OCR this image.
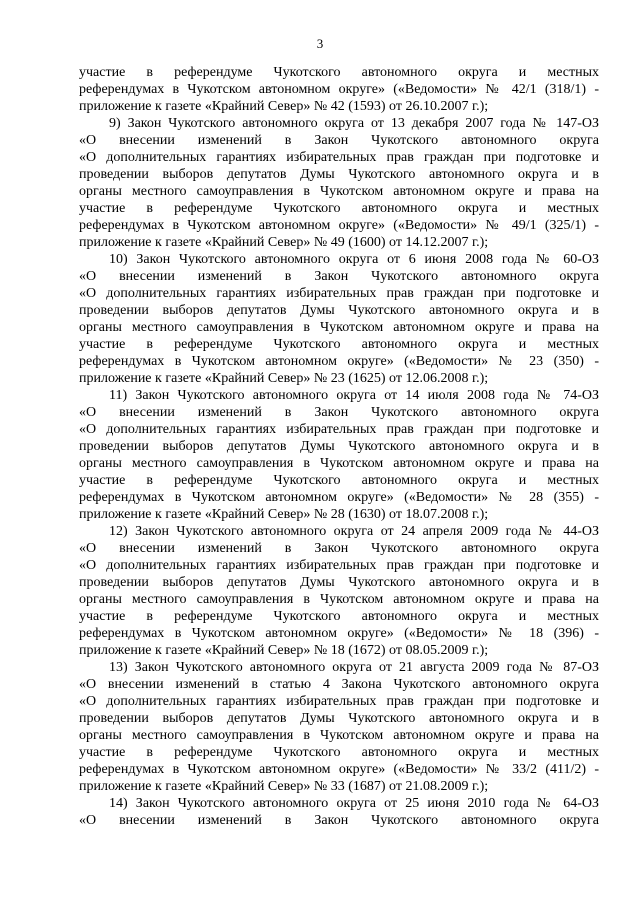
3
участие в референдуме Чукотского автономного округа и местных
референдумах в Чукотском автономном округе» («Ведомости» № 42/1 (318/1) -
приложение к газете «Крайний Север» № 42 (1593) от 26.10.2007 г.);
9) Закон Чукотского автономного округа от 13 декабря 2007 года № 147-ОЗ
«О внесении изменений в Закон Чукотского автономного округа
«О дополнительных гарантиях избирательных прав граждан при подготовке и
проведении выборов депутатов Думы Чукотского автономного округа и в
органы местного самоуправления в Чукотском автономном округе и права на
участие в референдуме Чукотского автономного округа и местных
референдумах в Чукотском автономном округе» («Ведомости» № 49/1 (325/1) -
приложение к газете «Крайний Север» № 49 (1600) от 14.12.2007 г.);
10) Закон Чукотского автономного округа от 6 июня 2008 года № 60-ОЗ
«О внесении изменений в Закон Чукотского автономного округа
«О дополнительных гарантиях избирательных прав граждан при подготовке и
проведении выборов депутатов Думы Чукотского автономного округа и в
органы местного самоуправления в Чукотском автономном округе и права на
участие в референдуме Чукотского автономного округа и местных
референдумах в Чукотском автономном округе» («Ведомости» № 23 (350) -
приложение к газете «Крайний Север» № 23 (1625) от 12.06.2008 г.);
11) Закон Чукотского автономного округа от 14 июля 2008 года № 74-ОЗ
«О внесении изменений в Закон Чукотского автономного округа
«О дополнительных гарантиях избирательных прав граждан при подготовке и
проведении выборов депутатов Думы Чукотского автономного округа и в
органы местного самоуправления в Чукотском автономном округе и права на
участие в референдуме Чукотского автономного округа и местных
референдумах в Чукотском автономном округе» («Ведомости» № 28 (355) -
приложение к газете «Крайний Север» № 28 (1630) от 18.07.2008 г.);
12) Закон Чукотского автономного округа от 24 апреля 2009 года № 44-ОЗ
«О внесении изменений в Закон Чукотского автономного округа
«О дополнительных гарантиях избирательных прав граждан при подготовке и
проведении выборов депутатов Думы Чукотского автономного округа и в
органы местного самоуправления в Чукотском автономном округе и права на
участие в референдуме Чукотского автономного округа и местных
референдумах в Чукотском автономном округе» («Ведомости» № 18 (396) -
приложение к газете «Крайний Север» № 18 (1672) от 08.05.2009 г.);
13) Закон Чукотского автономного округа от 21 августа 2009 года № 87-ОЗ
«О внесении изменений в статью 4 Закона Чукотского автономного округа
«О дополнительных гарантиях избирательных прав граждан при подготовке и
проведении выборов депутатов Думы Чукотского автономного округа и в
органы местного самоуправления в Чукотском автономном округе и права на
участие в референдуме Чукотского автономного округа и местных
референдумах в Чукотском автономном округе» («Ведомости» № 33/2 (411/2) -
приложение к газете «Крайний Север» № 33 (1687) от 21.08.2009 г.);
14) Закон Чукотского автономного округа от 25 июня 2010 года № 64-ОЗ
«О внесении изменений в Закон Чукотского автономного округа
